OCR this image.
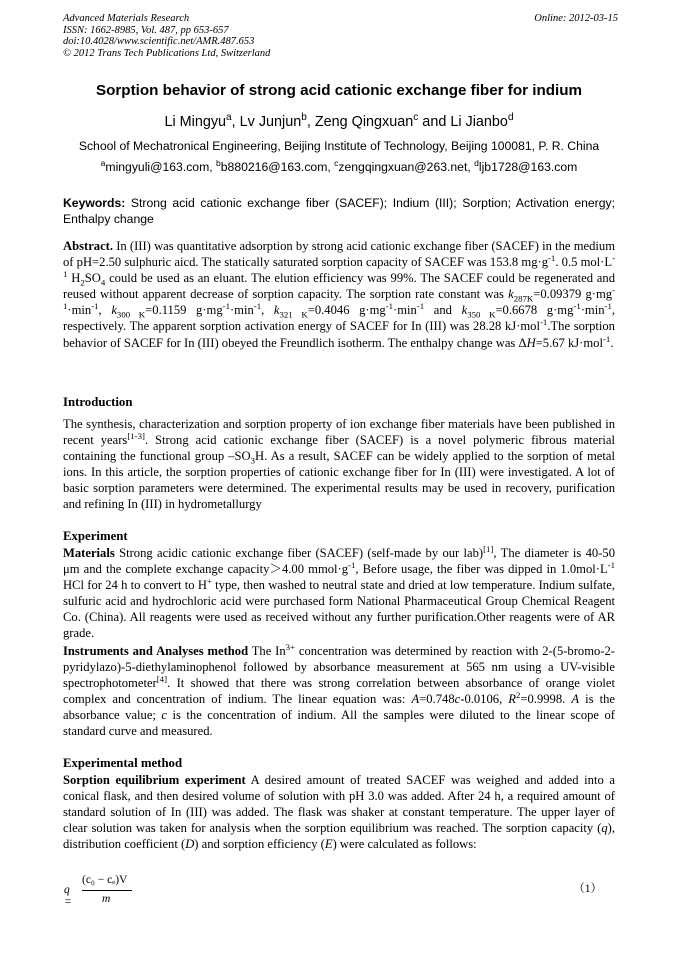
Advanced Materials Research
ISSN: 1662-8985, Vol. 487, pp 653-657
doi:10.4028/www.scientific.net/AMR.487.653
© 2012 Trans Tech Publications Ltd, Switzerland
Online: 2012-03-15
Sorption behavior of strong acid cationic exchange fiber for indium
Li Mingyu$^a$, Lv Junjun$^b$, Zeng Qingxuan$^c$ and Li Jianbo$^d$
School of Mechatronical Engineering, Beijing Institute of Technology, Beijing 100081, P. R. China
$^a$mingyuli@163.com, $^b$b880216@163.com, $^c$zengqingxuan@263.net, $^d$ljb1728@163.com
Keywords: Strong acid cationic exchange fiber (SACEF); Indium (III); Sorption; Activation energy; Enthalpy change

Abstract. In (III) was quantitative adsorption by strong acid cationic exchange fiber (SACEF) in the medium of pH=2.50 sulphuric aicd. The statically saturated sorption capacity of SACEF was 153.8 $mg\cdot g^{-1}$. 0.5 $mol\cdot L^{-1}$ $H_2SO_4$ could be used as an eluant. The elution efficiency was 99%. The SACEF could be regenerated and reused without apparent decrease of sorption capacity. The sorption rate constant was $k_{287K}=0.09379$ $g\cdot mg^{-1}\cdot\min^{-1}$, $k_{300 K}=0.1159$ $g\cdot mg^{-1}\cdot\min^{-1}$, $k_{321 K}=0.4046$ $g\cdot mg^{-1}\cdot\min^{-1}$ and $k_{350 K}=0.6678$ $g\cdot mg^{-1}\cdot\min^{-1}$, respectively. The apparent sorption activation energy of SACEF for In (III) was 28.28 kJ·mol$^{-1}$.The sorption behavior of SACEF for In (III) obeyed the Freundlich isotherm. The enthalpy change was ΔH=5.67 kJ·mol$^{-1}$.

Introduction

The synthesis, characterization and sorption property of ion exchange fiber materials have been published in recent years[1-3]. Strong acid cationic exchange fiber (SACEF) is a novel polymeric fibrous material containing the functional group $-SO_3H$. As a result, SACEF can be widely applied to the sorption of metal ions. In this article, the sorption properties of cationic exchange fiber for In (III) were investigated. A lot of basic sorption parameters were determined. The experimental results may be used in recovery, purification and refining In (III) in hydrometallurgy

Experiment

Materials Strong acidic cationic exchange fiber (SACEF) (self-made by our lab)[1], The diameter is 40-50 μm and the complete exchange capacity＞4.00 $mmol\cdot g^{-1}$, Before usage, the fiber was dipped in $1.0mol\cdot L^{-1}$ HCl for 24 h to convert to H+ type, then washed to neutral state and dried at low temperature. Indium sulfate, sulfuric acid and hydrochloric acid were purchased form National Pharmaceutical Group Chemical Reagent Co. (China). All reagents were used as received without any further purification.Other reagents were of AR grade.

Instruments and Analyses method The $In^{3+}$ concentration was determined by reaction with 2-(5-bromo-2-pyridylazo)-5-diethylaminophenol followed by absorbance measurement at 565 nm using a UV-visible spectrophotometer[4]. It showed that there was strong correlation between absorbance of orange violet complex and concentration of indium. The linear equation was: A=0.748c-0.0106, $R^2=0.9998$. A is the absorbance value; c is the concentration of indium. All the samples were diluted to the linear scope of standard curve and measured.

Experimental method

Sorption equilibrium experiment A desired amount of treated SACEF was weighed and added into a conical flask, and then desired volume of solution with pH 3.0 was added. After 24 h, a required amount of standard solution of In (III) was added. The flask was shaker at constant temperature. The upper layer of clear solution was taken for analysis when the sorption equilibrium was reached. The sorption capacity (q), distribution coefficient (D) and sorption efficiency (E) were calculated as follows:

q =
(c₀ − cₑ)V
m
（1）
